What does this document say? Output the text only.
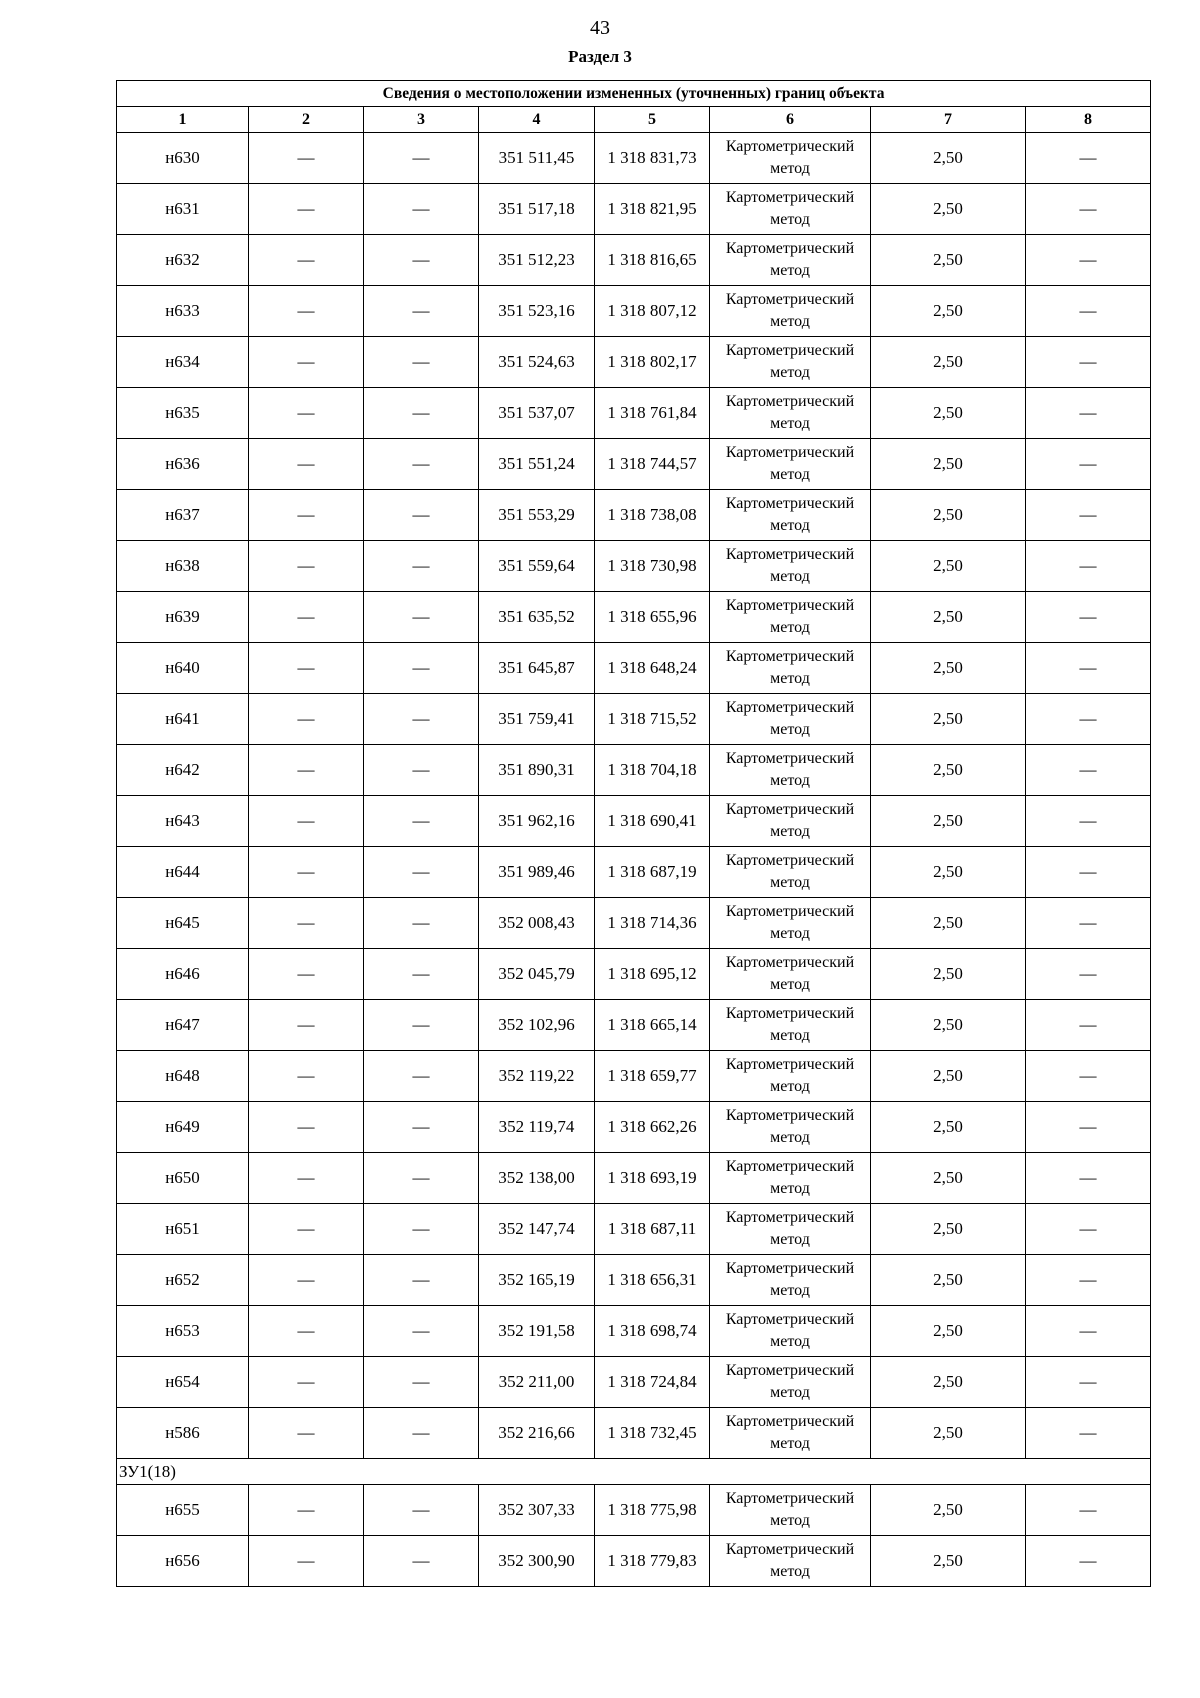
43
Раздел 3
Сведения о местоположении измененных (уточненных) границ объекта							
1	2	3	4	5	6	7	8
н630	—	—	351 511,45	1 318 831,73	Картометрический метод	2,50	—
н631	—	—	351 517,18	1 318 821,95	Картометрический метод	2,50	—
н632	—	—	351 512,23	1 318 816,65	Картометрический метод	2,50	—
н633	—	—	351 523,16	1 318 807,12	Картометрический метод	2,50	—
н634	—	—	351 524,63	1 318 802,17	Картометрический метод	2,50	—
н635	—	—	351 537,07	1 318 761,84	Картометрический метод	2,50	—
н636	—	—	351 551,24	1 318 744,57	Картометрический метод	2,50	—
н637	—	—	351 553,29	1 318 738,08	Картометрический метод	2,50	—
н638	—	—	351 559,64	1 318 730,98	Картометрический метод	2,50	—
н639	—	—	351 635,52	1 318 655,96	Картометрический метод	2,50	—
н640	—	—	351 645,87	1 318 648,24	Картометрический метод	2,50	—
н641	—	—	351 759,41	1 318 715,52	Картометрический метод	2,50	—
н642	—	—	351 890,31	1 318 704,18	Картометрический метод	2,50	—
н643	—	—	351 962,16	1 318 690,41	Картометрический метод	2,50	—
н644	—	—	351 989,46	1 318 687,19	Картометрический метод	2,50	—
н645	—	—	352 008,43	1 318 714,36	Картометрический метод	2,50	—
н646	—	—	352 045,79	1 318 695,12	Картометрический метод	2,50	—
н647	—	—	352 102,96	1 318 665,14	Картометрический метод	2,50	—
н648	—	—	352 119,22	1 318 659,77	Картометрический метод	2,50	—
н649	—	—	352 119,74	1 318 662,26	Картометрический метод	2,50	—
н650	—	—	352 138,00	1 318 693,19	Картометрический метод	2,50	—
н651	—	—	352 147,74	1 318 687,11	Картометрический метод	2,50	—
н652	—	—	352 165,19	1 318 656,31	Картометрический метод	2,50	—
н653	—	—	352 191,58	1 318 698,74	Картометрический метод	2,50	—
н654	—	—	352 211,00	1 318 724,84	Картометрический метод	2,50	—
н586	—	—	352 216,66	1 318 732,45	Картометрический метод	2,50	—
ЗУ1(18)							
н655	—	—	352 307,33	1 318 775,98	Картометрический метод	2,50	—
н656	—	—	352 300,90	1 318 779,83	Картометрический метод	2,50	—
